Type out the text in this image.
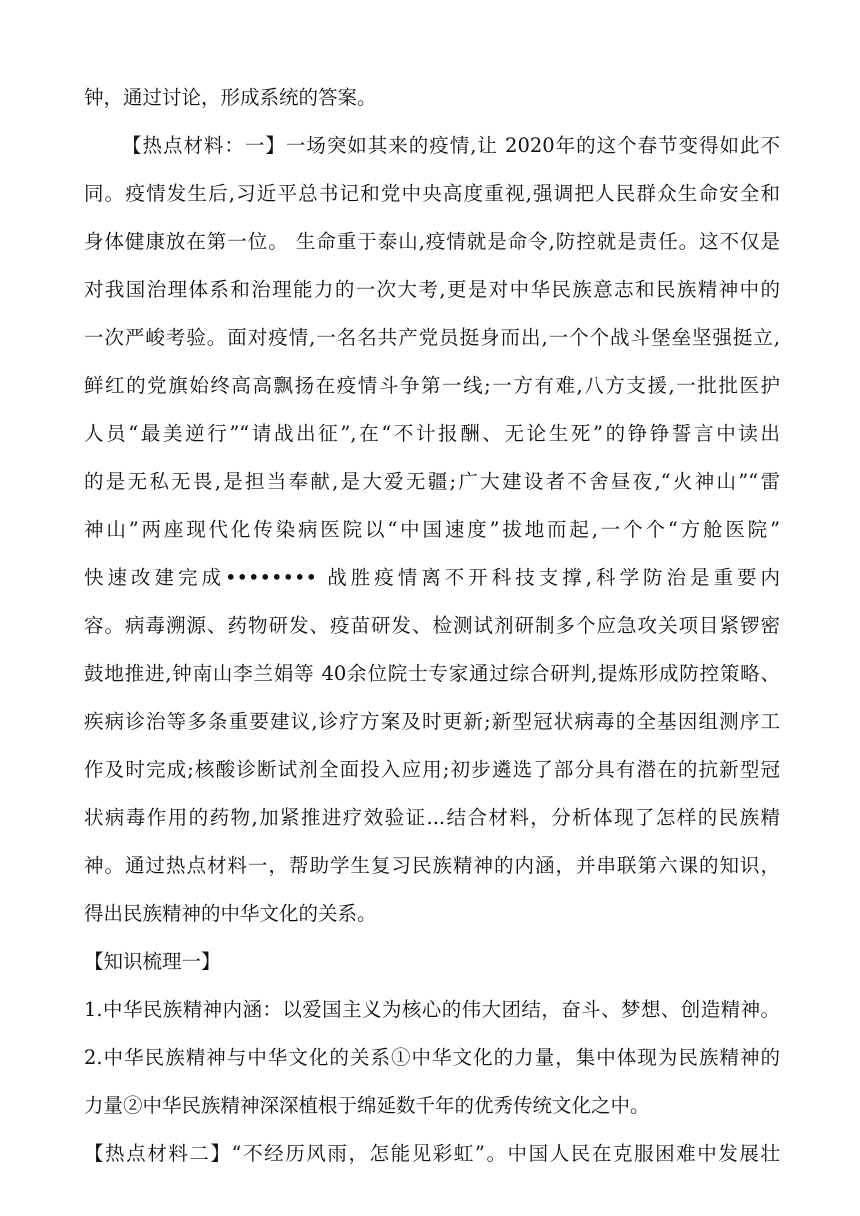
钟，通过讨论，形成系统的答案。
【热点材料：一】一场突如其来的疫情,让 2020年的这个春节变得如此不
同。疫情发生后,习近平总书记和党中央高度重视,强调把人民群众生命安全和
身体健康放在第一位。 生命重于泰山,疫情就是命令,防控就是责任。这不仅是
对我国治理体系和治理能力的一次大考,更是对中华民族意志和民族精神中的
一次严峻考验。面对疫情,一名名共产党员挺身而出,一个个战斗堡垒坚强挺立,
鲜红的党旗始终高高飘扬在疫情斗争第一线;一方有难,八方支援,一批批医护
人员“最美逆行”“请战出征”,在“不计报酬、无论生死”的铮铮誓言中读出
的是无私无畏,是担当奉献,是大爱无疆;广大建设者不舍昼夜,“火神山”“雷
神山”两座现代化传染病医院以“中国速度”拔地而起,一个个“方舱医院”
快速改建完成•••••••• 战胜疫情离不开科技支撑,科学防治是重要内
容。病毒溯源、药物研发、疫苗研发、检测试剂研制多个应急攻关项目紧锣密
鼓地推进,钟南山李兰娟等 40余位院士专家通过综合研判,提炼形成防控策略、
疾病诊治等多条重要建议,诊疗方案及时更新;新型冠状病毒的全基因组测序工
作及时完成;核酸诊断试剂全面投入应用;初步遴选了部分具有潜在的抗新型冠
状病毒作用的药物,加紧推进疗效验证...结合材料，分析体现了怎样的民族精
神。通过热点材料一，帮助学生复习民族精神的内涵，并串联第六课的知识，
得出民族精神的中华文化的关系。
【知识梳理一】
1.中华民族精神内涵：以爱国主义为核心的伟大团结，奋斗、梦想、创造精神。
2.中华民族精神与中华文化的关系①中华文化的力量，集中体现为民族精神的
力量②中华民族精神深深植根于绵延数千年的优秀传统文化之中。
【热点材料二】“不经历风雨，怎能见彩虹”。中国人民在克服困难中发展壮
